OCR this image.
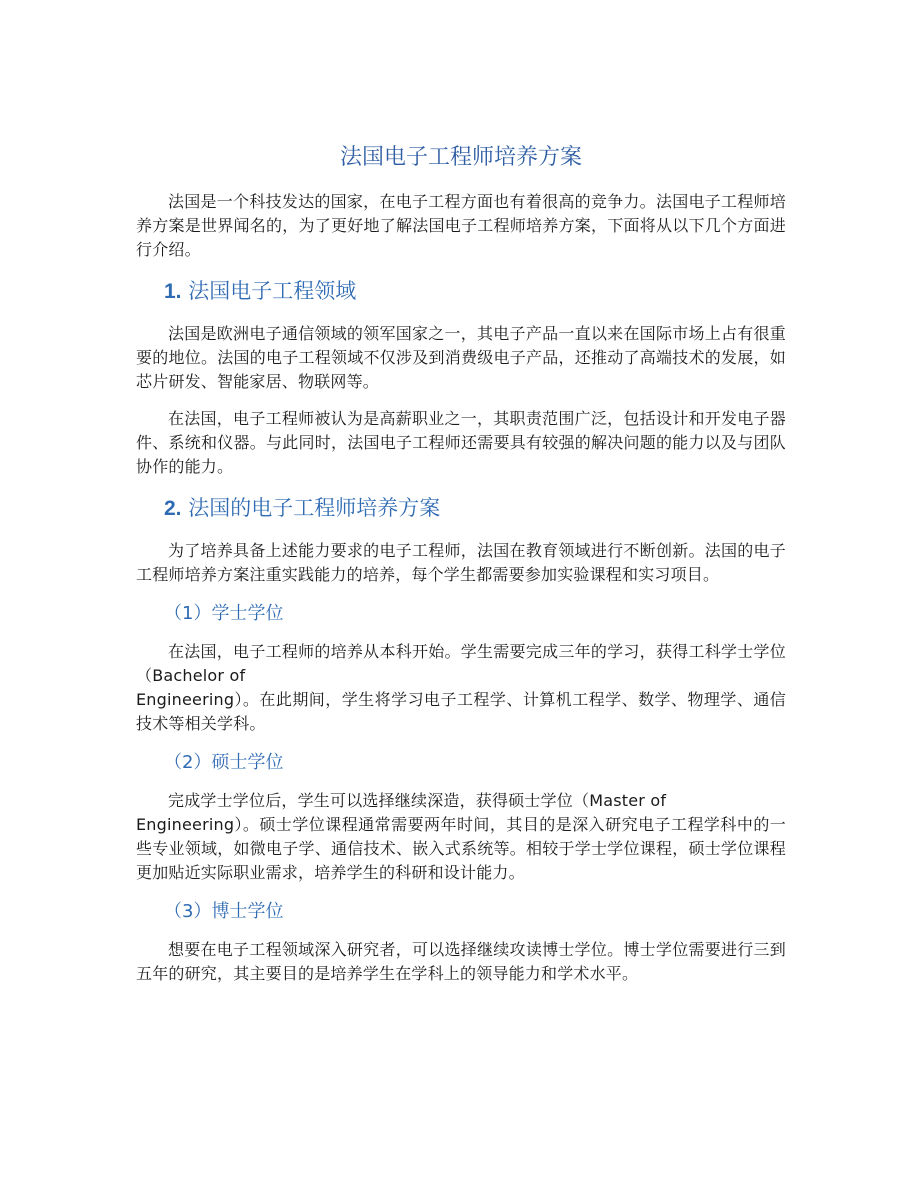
法国电子工程师培养方案

法国是一个科技发达的国家，在电子工程方面也有着很高的竞争力。法国电子工程师培养方案是世界闻名的，为了更好地了解法国电子工程师培养方案，下面将从以下几个方面进行介绍。

1. 法国电子工程领域

法国是欧洲电子通信领域的领军国家之一，其电子产品一直以来在国际市场上占有很重要的地位。法国的电子工程领域不仅涉及到消费级电子产品，还推动了高端技术的发展，如芯片研发、智能家居、物联网等。

在法国，电子工程师被认为是高薪职业之一，其职责范围广泛，包括设计和开发电子器件、系统和仪器。与此同时，法国电子工程师还需要具有较强的解决问题的能力以及与团队协作的能力。

2. 法国的电子工程师培养方案

为了培养具备上述能力要求的电子工程师，法国在教育领域进行不断创新。法国的电子工程师培养方案注重实践能力的培养，每个学生都需要参加实验课程和实习项目。

（1）学士学位

在法国，电子工程师的培养从本科开始。学生需要完成三年的学习，获得工科学士学位（Bachelor of
Engineering）。在此期间，学生将学习电子工程学、计算机工程学、数学、物理学、通信技术等相关学科。

（2）硕士学位

完成学士学位后，学生可以选择继续深造，获得硕士学位（Master of
Engineering）。硕士学位课程通常需要两年时间，其目的是深入研究电子工程学科中的一些专业领域，如微电子学、通信技术、嵌入式系统等。相较于学士学位课程，硕士学位课程更加贴近实际职业需求，培养学生的科研和设计能力。

（3）博士学位

想要在电子工程领域深入研究者，可以选择继续攻读博士学位。博士学位需要进行三到五年的研究，其主要目的是培养学生在学科上的领导能力和学术水平。
